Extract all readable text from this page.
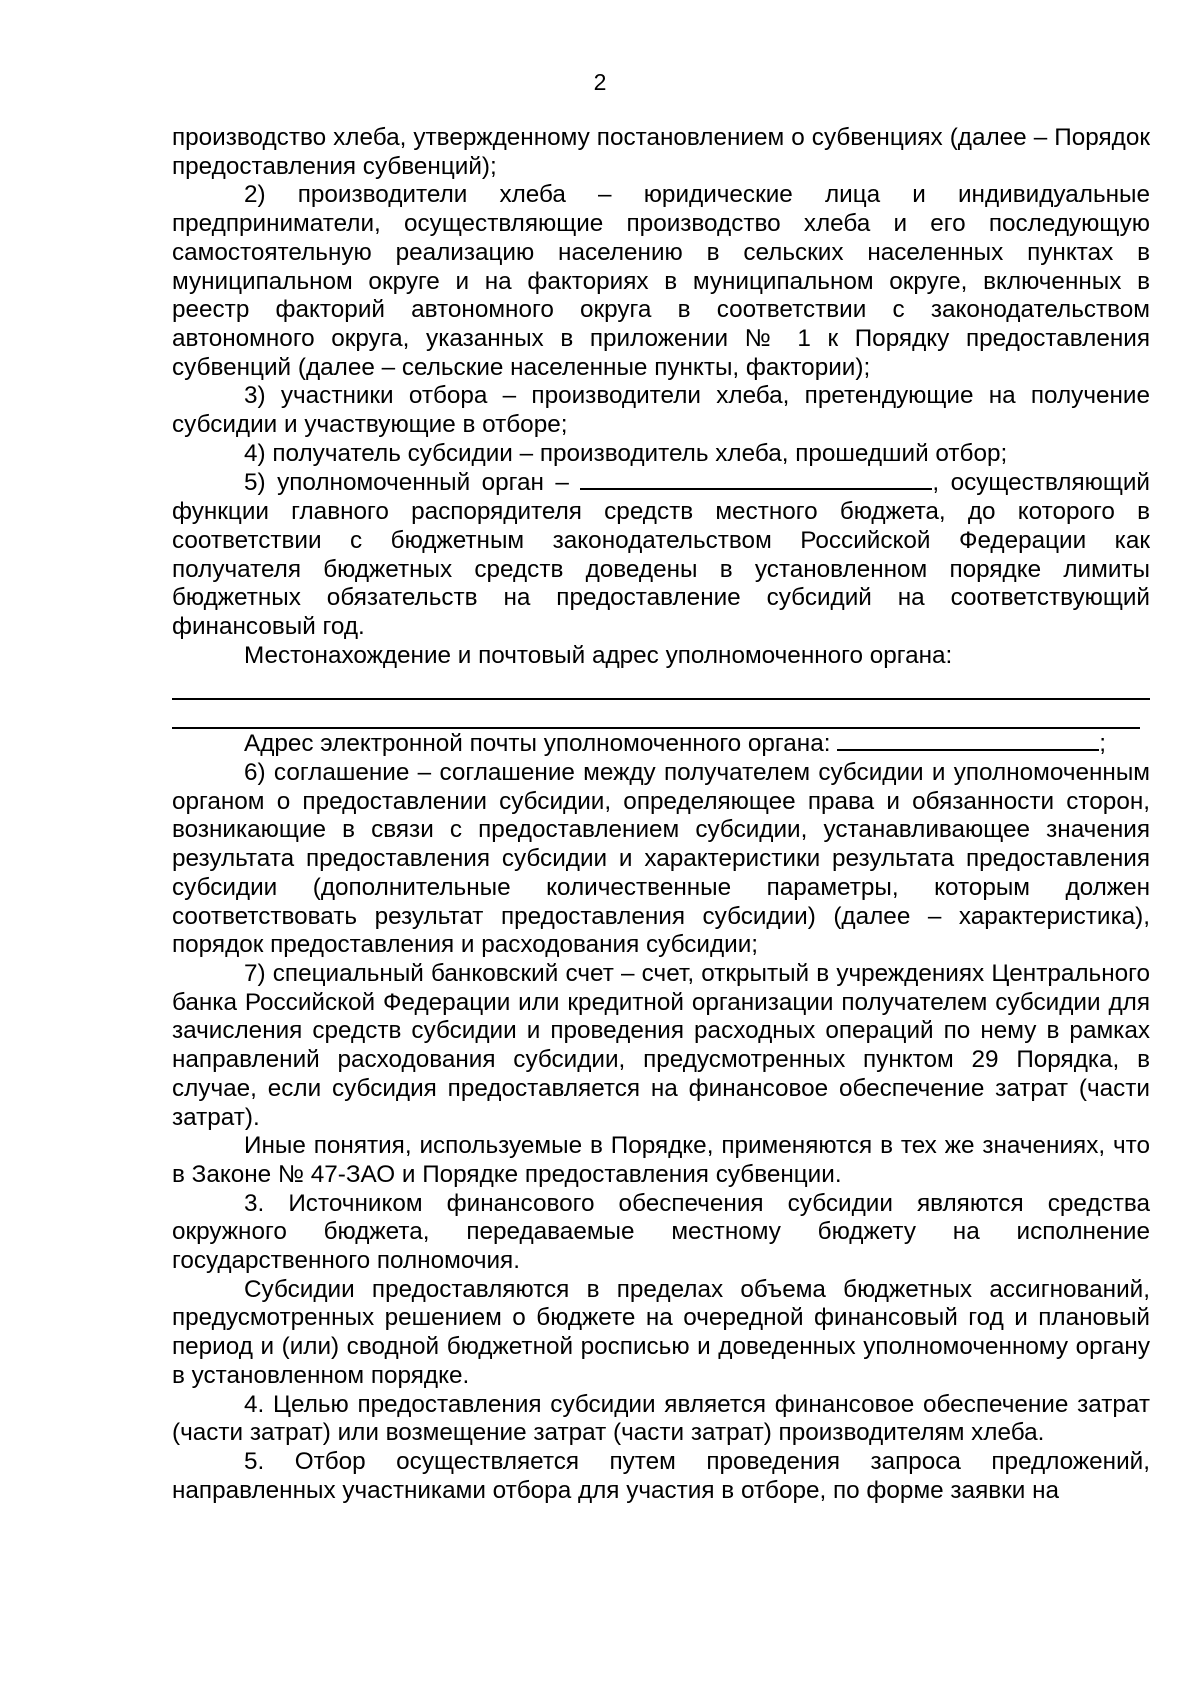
2

производство хлеба, утвержденному постановлением о субвенциях (далее – Порядок предоставления субвенций);

2) производители хлеба – юридические лица и индивидуальные предприниматели, осуществляющие производство хлеба и его последующую самостоятельную реализацию населению в сельских населенных пунктах в муниципальном округе и на факториях в муниципальном округе, включенных в реестр факторий автономного округа в соответствии с законодательством автономного округа, указанных в приложении № 1 к Порядку предоставления субвенций (далее – сельские населенные пункты, фактории);

3) участники отбора – производители хлеба, претендующие на получение субсидии и участвующие в отборе;

4) получатель субсидии – производитель хлеба, прошедший отбор;

5) уполномоченный орган –	, осуществляющий функции главного распорядителя средств местного бюджета, до которого в соответствии с бюджетным законодательством Российской Федерации как получателя бюджетных средств доведены в установленном порядке лимиты бюджетных обязательств на предоставление субсидий на соответствующий финансовый год.

Местонахождение и почтовый адрес уполномоченного органа:

Адрес электронной почты уполномоченного органа:	;

6) соглашение – соглашение между получателем субсидии и уполномоченным органом о предоставлении субсидии, определяющее права и обязанности сторон, возникающие в связи с предоставлением субсидии, устанавливающее значения результата предоставления субсидии и характеристики результата предоставления субсидии (дополнительные количественные параметры, которым должен соответствовать результат предоставления субсидии) (далее – характеристика), порядок предоставления и расходования субсидии;

7) специальный банковский счет – счет, открытый в учреждениях Центрального банка Российской Федерации или кредитной организации получателем субсидии для зачисления средств субсидии и проведения расходных операций по нему в рамках направлений расходования субсидии, предусмотренных пунктом 29 Порядка, в случае, если субсидия предоставляется на финансовое обеспечение затрат (части затрат).

Иные понятия, используемые в Порядке, применяются в тех же значениях, что в Законе № 47-ЗАО и Порядке предоставления субвенции.

3. Источником финансового обеспечения субсидии являются средства окружного бюджета, передаваемые местному бюджету на исполнение государственного полномочия.

Субсидии предоставляются в пределах объема бюджетных ассигнований, предусмотренных решением о бюджете на очередной финансовый год и плановый период и (или) сводной бюджетной росписью и доведенных уполномоченному органу в установленном порядке.

4. Целью предоставления субсидии является финансовое обеспечение затрат (части затрат) или возмещение затрат (части затрат) производителям хлеба.

5. Отбор осуществляется путем проведения запроса предложений, направленных участниками отбора для участия в отборе, по форме заявки на
